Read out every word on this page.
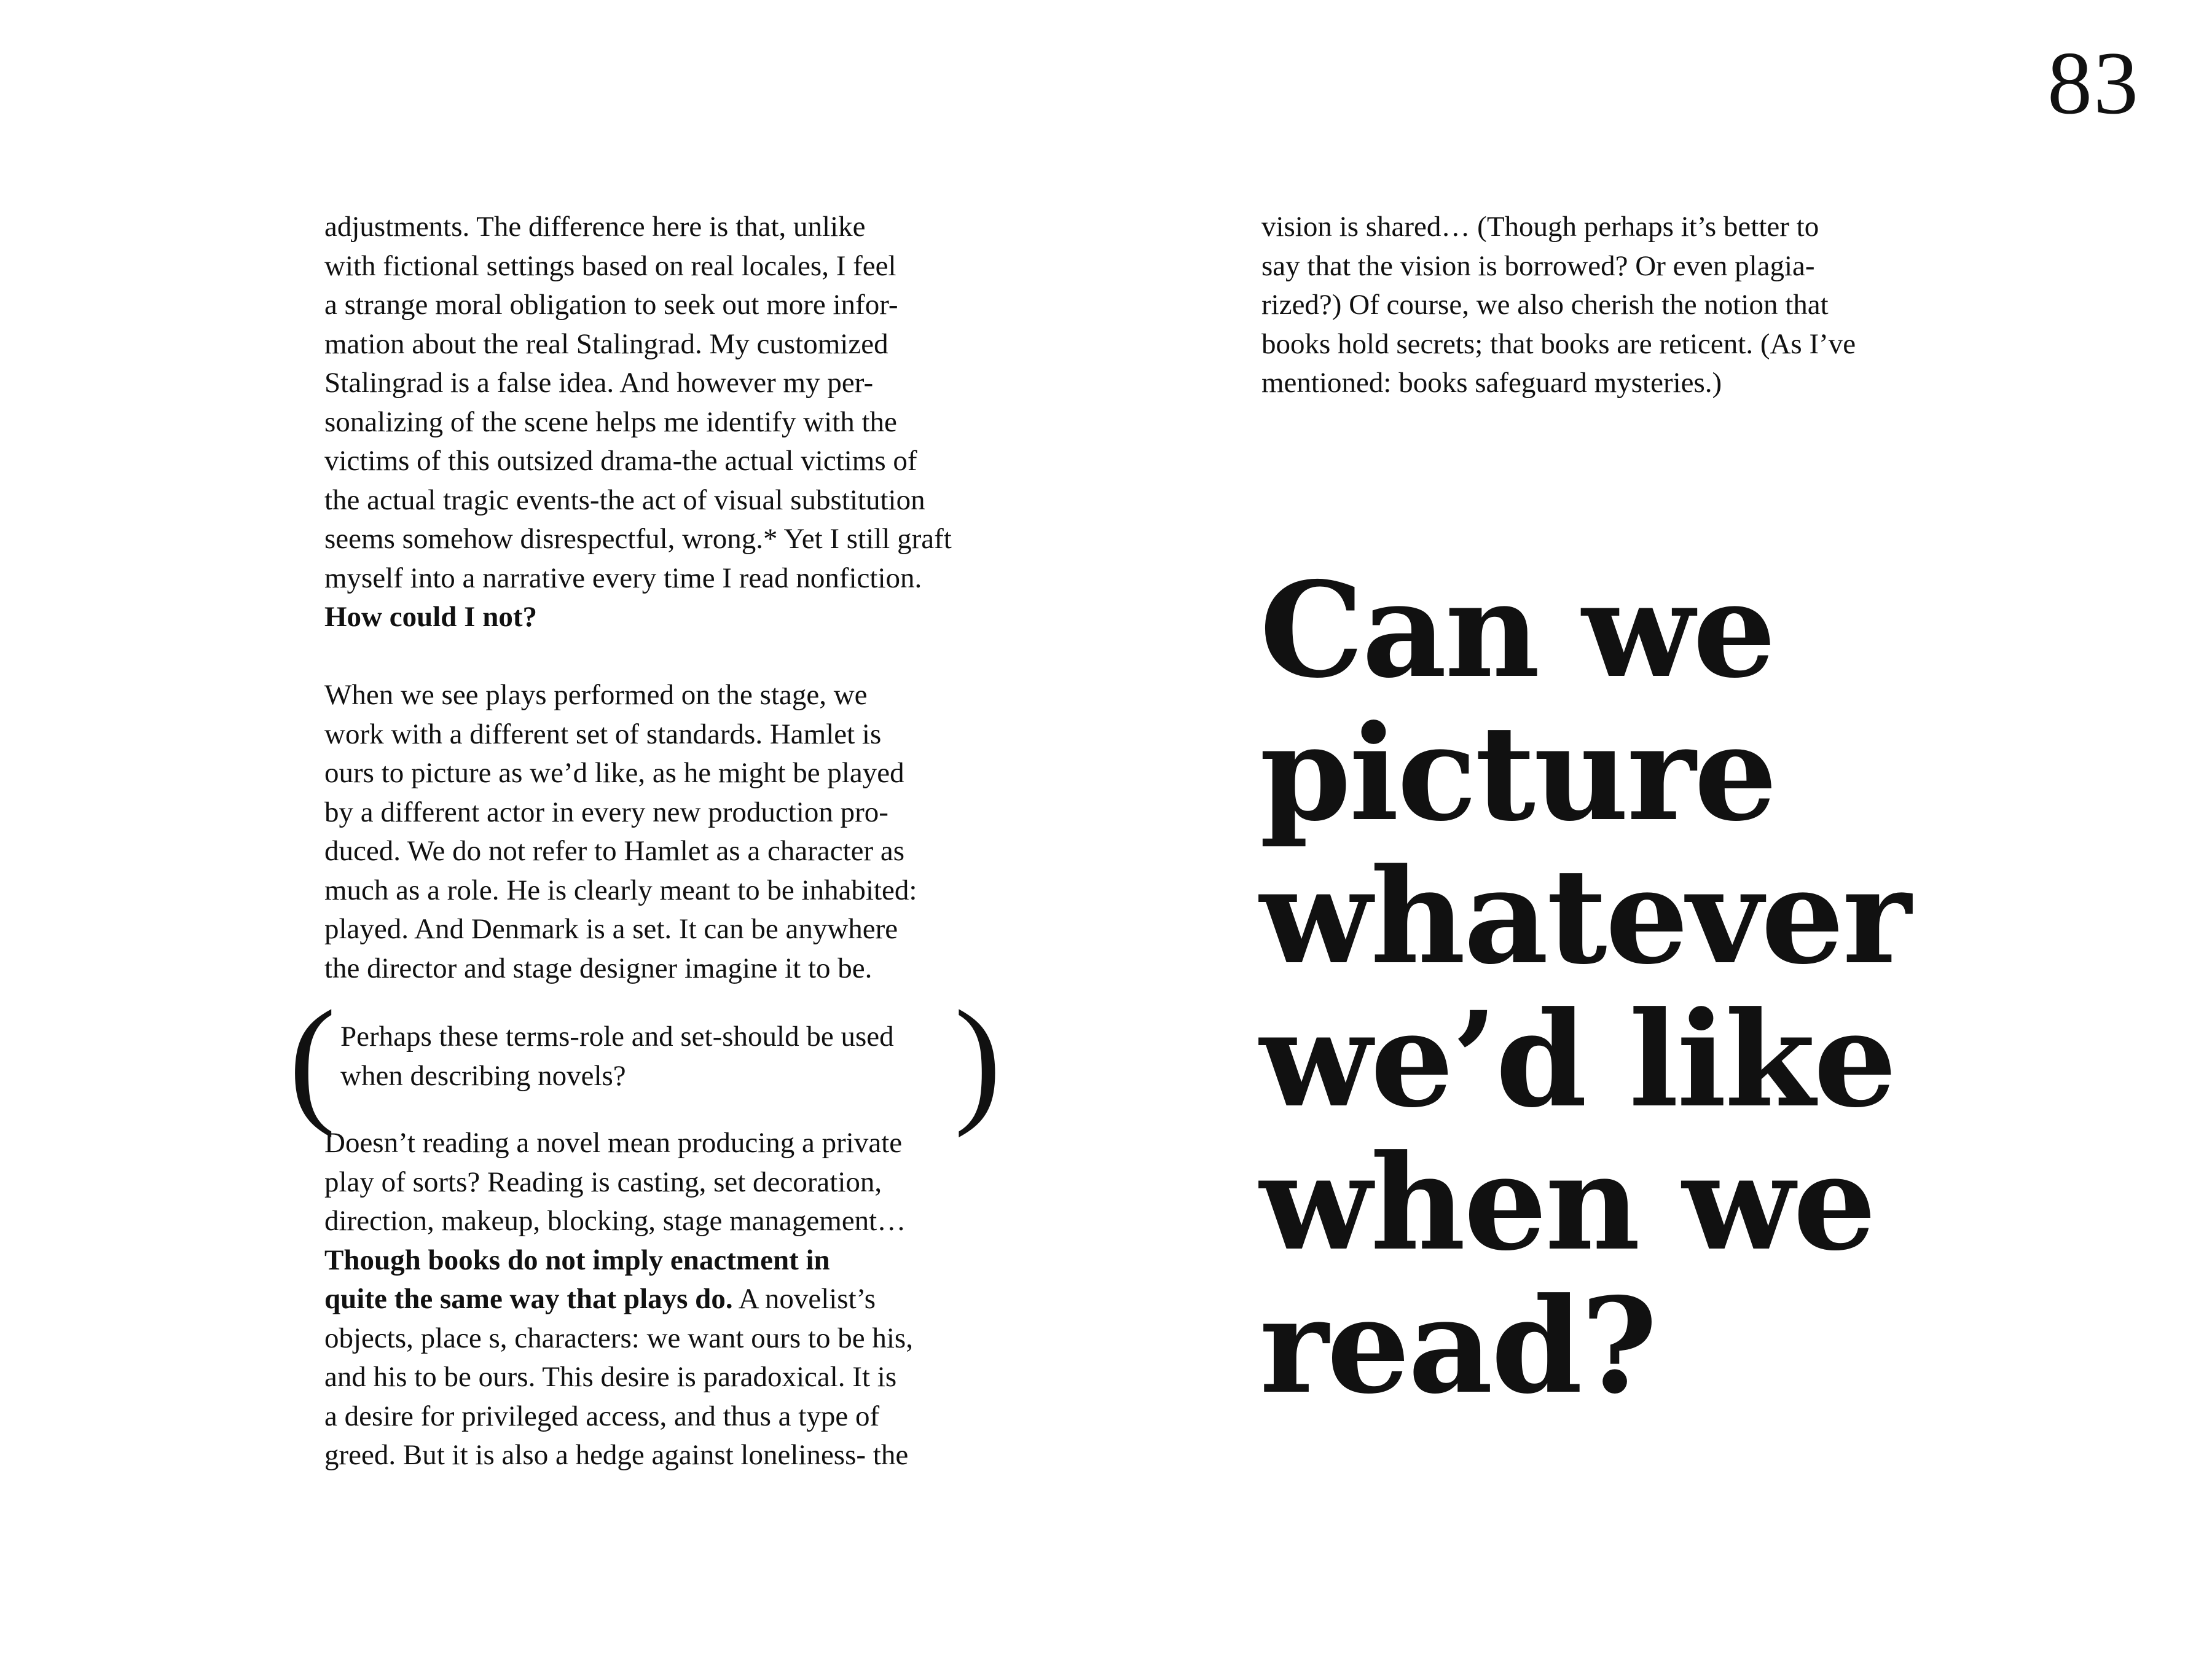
83
adjustments. The difference here is that, unlike
with fictional settings based on real locales, I feel
a strange moral obligation to seek out more infor-
mation about the real Stalingrad. My customized
Stalingrad is a false idea. And however my per-
sonalizing of the scene helps me identify with the
victims of this outsized drama-the actual victims of
the actual tragic events-the act of visual substitution
seems somehow disrespectful, wrong.* Yet I still graft
myself into a narrative every time I read nonfiction.
How could I not?
When we see plays performed on the stage, we
work with a different set of standards. Hamlet is
ours to picture as we’d like, as he might be played
by a different actor in every new production pro-
duced. We do not refer to Hamlet as a character as
much as a role. He is clearly meant to be inhabited:
played. And Denmark is a set. It can be anywhere
the director and stage designer imagine it to be.
( Perhaps these terms-role and set-should be used
when describing novels?	)
Doesn’t reading a novel mean producing a private
play of sorts? Reading is casting, set decoration,
direction, makeup, blocking, stage management…
Though books do not imply enactment in
quite the same way that plays do. A novelist’s
objects, place s, characters: we want ours to be his,
and his to be ours. This desire is paradoxical. It is
a desire for privileged access, and thus a type of
greed. But it is also a hedge against loneliness- the
vision is shared… (Though perhaps it’s better to
say that the vision is borrowed? Or even plagia-
rized?) Of course, we also cherish the notion that
books hold secrets; that books are reticent. (As I’ve
mentioned: books safeguard mysteries.)
Can we
picture
whatever
we’d like
when we
read?
